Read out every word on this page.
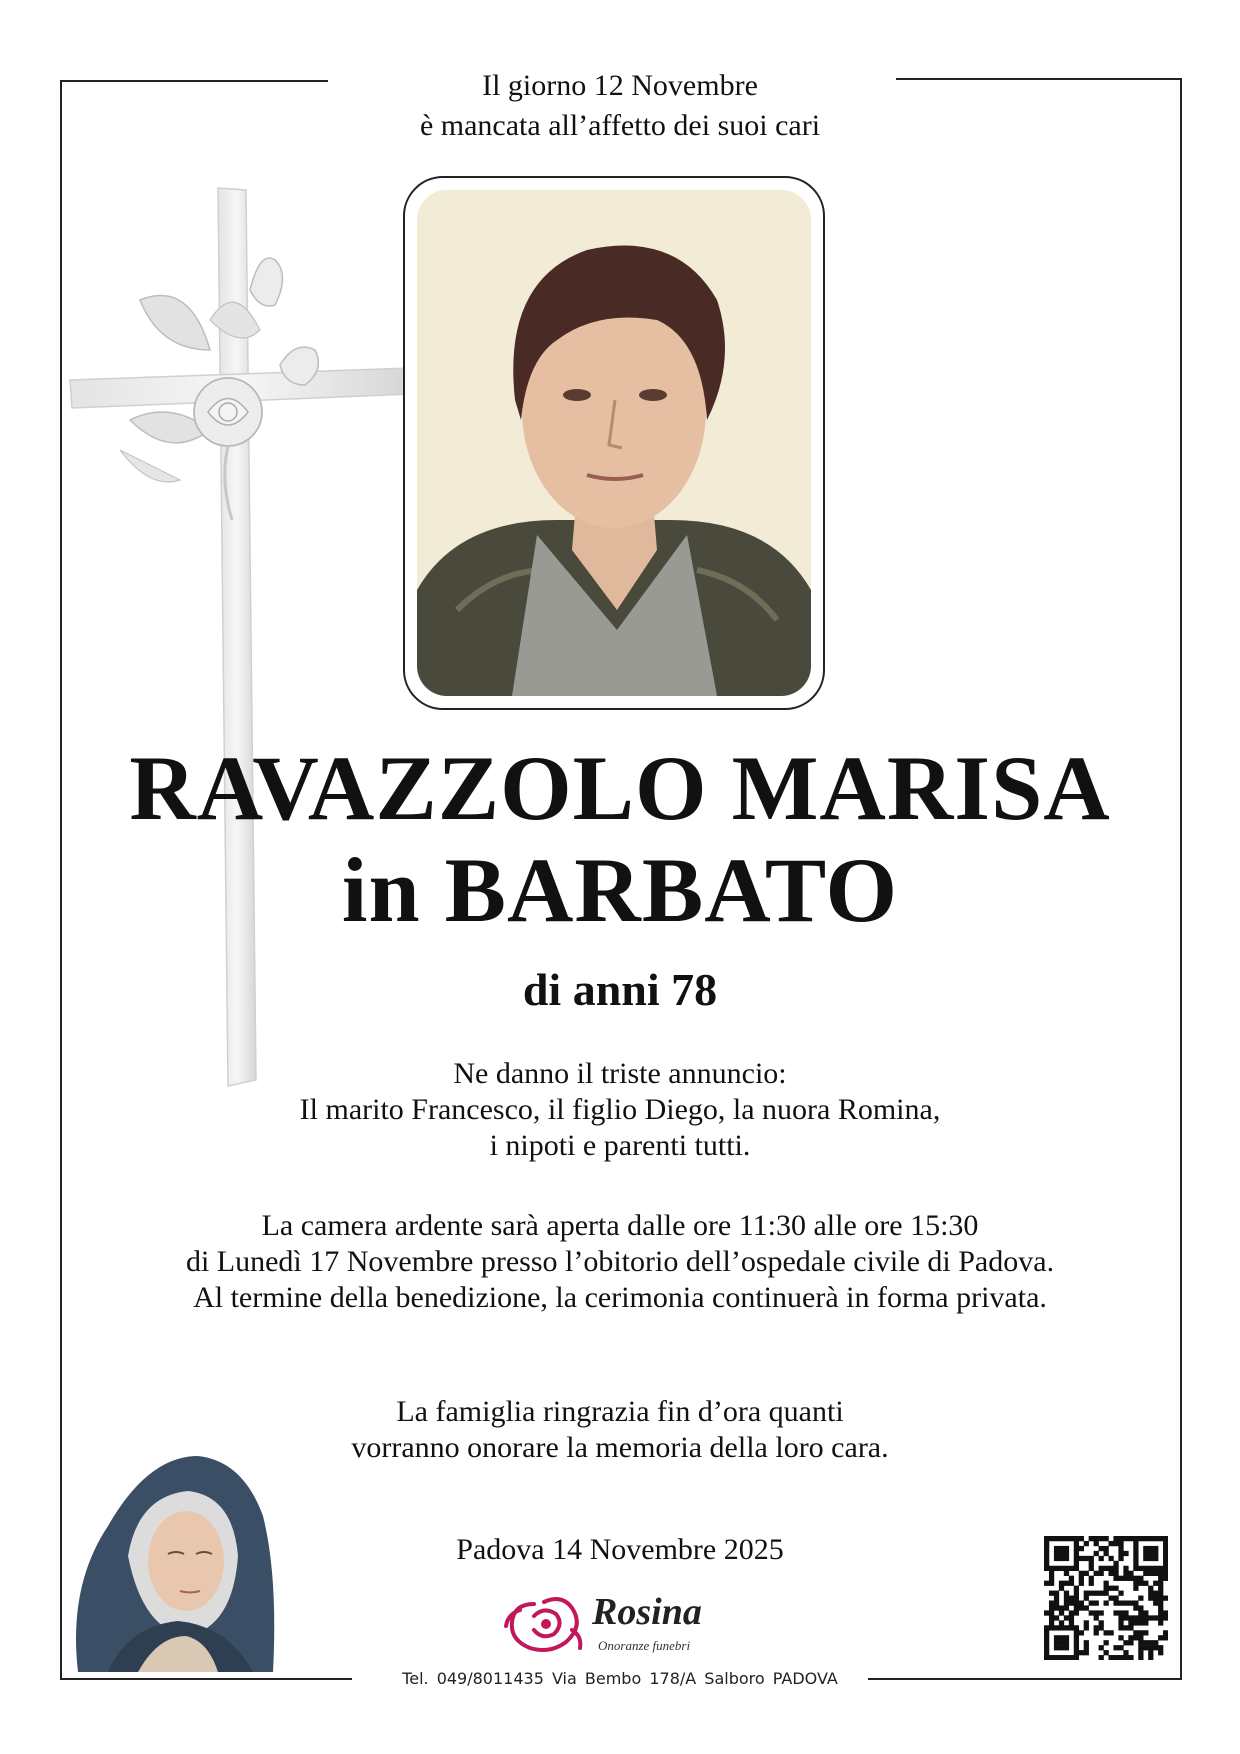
Il giorno 12 Novembre
è mancata all’affetto dei suoi cari
RAVAZZOLO MARISA
in BARBATO
di anni 78
Ne danno il triste annuncio:
Il marito Francesco, il figlio Diego, la nuora Romina,
i nipoti e parenti tutti.
La camera ardente sarà aperta dalle ore 11:30 alle ore 15:30
di Lunedì 17 Novembre presso l’obitorio dell’ospedale civile di Padova.
Al termine della benedizione, la cerimonia continuerà in forma privata.
La famiglia ringrazia fin d’ora quanti
vorranno onorare la memoria della loro cara.
Padova 14 Novembre 2025
Rosina
Onoranze funebri
Tel. 049/8011435 Via Bembo 178/A Salboro PADOVA
